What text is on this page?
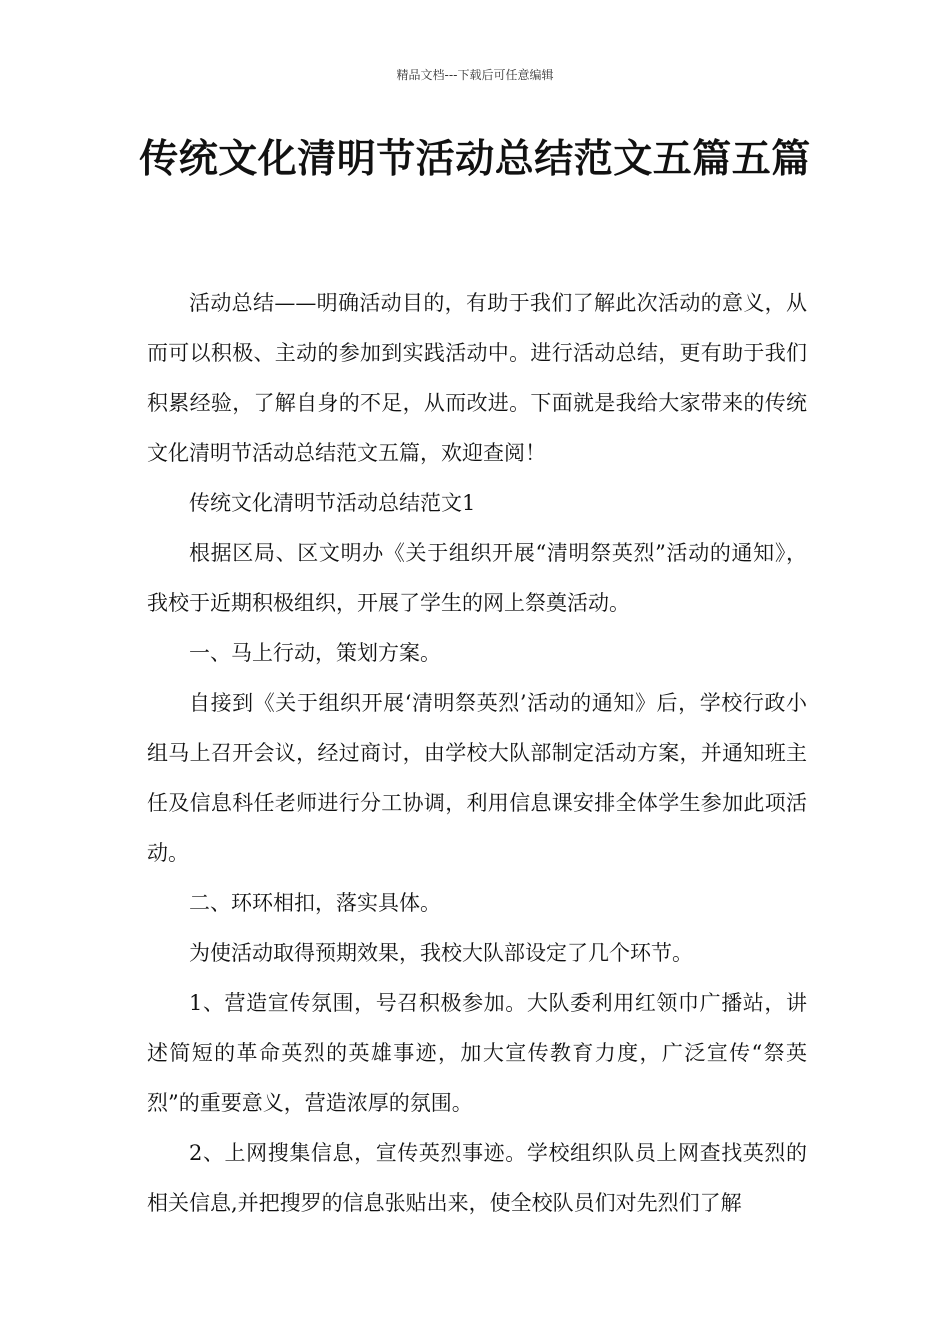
精品文档---下载后可任意编辑
传统文化清明节活动总结范文五篇五篇

活动总结——明确活动目的，有助于我们了解此次活动的意义，从而可以积极、主动的参加到实践活动中。进行活动总结，更有助于我们积累经验，了解自身的不足，从而改进。下面就是我给大家带来的传统文化清明节活动总结范文五篇，欢迎查阅！

传统文化清明节活动总结范文1

根据区局、区文明办《关于组织开展“清明祭英烈”活动的通知》，我校于近期积极组织，开展了学生的网上祭奠活动。

一、马上行动，策划方案。

自接到《关于组织开展‘清明祭英烈’活动的通知》后，学校行政小组马上召开会议，经过商讨，由学校大队部制定活动方案，并通知班主任及信息科任老师进行分工协调，利用信息课安排全体学生参加此项活动。

二、环环相扣，落实具体。

为使活动取得预期效果，我校大队部设定了几个环节。

1、营造宣传氛围，号召积极参加。大队委利用红领巾广播站，讲述简短的革命英烈的英雄事迹，加大宣传教育力度，广泛宣传“祭英烈”的重要意义，营造浓厚的氛围。

2、上网搜集信息，宣传英烈事迹。学校组织队员上网查找英烈的相关信息,并把搜罗的信息张贴出来，使全校队员们对先烈们了解
